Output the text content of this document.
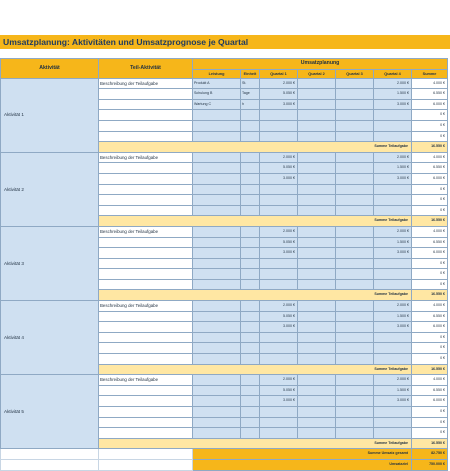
Umsatzplanung: Aktivitäten und Umsatzprognose je Quartal
Aktivität	Teil-Aktivität	Umsatzplanung						
		Leistung	Einheit	Quartal 1	Quartal 2	Quartal 3	Quartal 4	Summe
Aktivität 1	Beschreibung der Teilaufgabe	Produkt A	St.	2.000 €			2.000 €	4.000 €
		Schulung B	Tage	5.050 €			1.500 €	6.550 €
		Wartung C	h	3.000 €			3.000 €	6.000 €
								0 €
								0 €
								0 €
	Summe Teilaufgabe							16.550 €
Aktivität 2	Beschreibung der Teilaufgabe			2.000 €			2.000 €	4.000 €
				5.050 €			1.500 €	6.550 €
				3.000 €			3.000 €	6.000 €
								0 €
								0 €
								0 €
	Summe Teilaufgabe							16.550 €
Aktivität 3	Beschreibung der Teilaufgabe			2.000 €			2.000 €	4.000 €
				5.050 €			1.500 €	6.550 €
				3.000 €			3.000 €	6.000 €
								0 €
								0 €
								0 €
	Summe Teilaufgabe							16.550 €
Aktivität 4	Beschreibung der Teilaufgabe			2.000 €			2.000 €	4.000 €
				5.050 €			1.500 €	6.550 €
				3.000 €			3.000 €	6.000 €
								0 €
								0 €
								0 €
	Summe Teilaufgabe							16.550 €
Aktivität 5	Beschreibung der Teilaufgabe			2.000 €			2.000 €	4.000 €
				5.050 €			1.500 €	6.550 €
				3.000 €			3.000 €	6.000 €
								0 €
								0 €
								0 €
	Summe Teilaufgabe							16.550 €
		Summe Umsatz gesamt						82.750 €
		Umsatzziel						750.000 €
